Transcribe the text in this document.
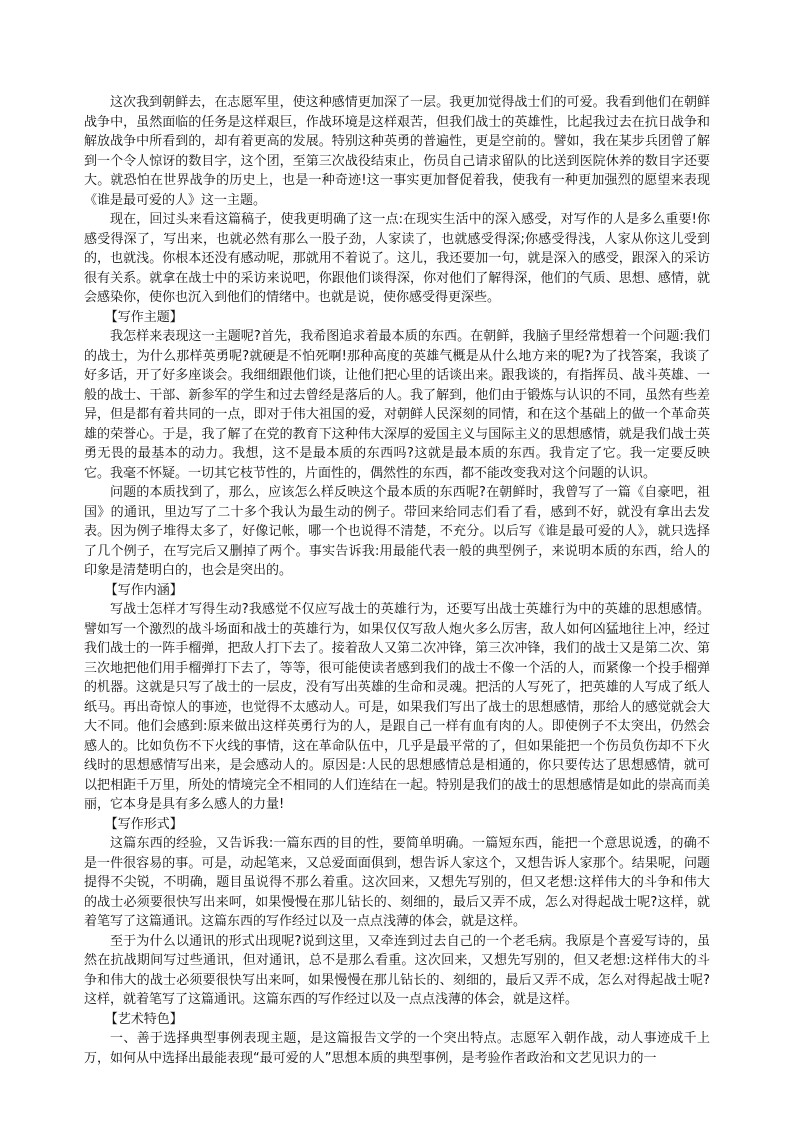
这次我到朝鲜去，在志愿军里，使这种感情更加深了一层。我更加觉得战士们的可爱。我看到他们在朝鲜战争中，虽然面临的任务是这样艰巨，作战环境是这样艰苦，但我们战士的英雄性，比起我过去在抗日战争和解放战争中所看到的，却有着更高的发展。特别这种英勇的普遍性，更是空前的。譬如，我在某步兵团曾了解到一个令人惊讶的数目字，这个团，至第三次战役结束止，伤员自己请求留队的比送到医院休养的数目字还要大。就恐怕在世界战争的历史上，也是一种奇迹!这一事实更加督促着我，使我有一种更加强烈的愿望来表现《谁是最可爱的人》这一主题。

现在，回过头来看这篇稿子，使我更明确了这一点:在现实生活中的深入感受，对写作的人是多么重要!你感受得深了，写出来，也就必然有那么一股子劲，人家读了，也就感受得深;你感受得浅，人家从你这儿受到的，也就浅。你根本还没有感动呢，那就用不着说了。这儿，我还要加一句，就是深入的感受，跟深入的采访很有关系。就拿在战士中的采访来说吧，你跟他们谈得深，你对他们了解得深，他们的气质、思想、感情，就会感染你，使你也沉入到他们的情绪中。也就是说，使你感受得更深些。

【写作主题】

我怎样来表现这一主题呢?首先，我希图追求着最本质的东西。在朝鲜，我脑子里经常想着一个问题:我们的战士，为什么那样英勇呢?就硬是不怕死啊!那种高度的英雄气概是从什么地方来的呢?为了找答案，我谈了好多话，开了好多座谈会。我细细跟他们谈，让他们把心里的话谈出来。跟我谈的，有指挥员、战斗英雄、一般的战士、干部、新参军的学生和过去曾经是落后的人。我了解到，他们由于锻炼与认识的不同，虽然有些差异，但是都有着共同的一点，即对于伟大祖国的爱，对朝鲜人民深刻的同情，和在这个基础上的做一个革命英雄的荣誉心。于是，我了解了在党的教育下这种伟大深厚的爱国主义与国际主义的思想感情，就是我们战士英勇无畏的最基本的动力。我想，这不是最本质的东西吗?这就是最本质的东西。我肯定了它。我一定要反映它。我毫不怀疑。一切其它枝节性的，片面性的，偶然性的东西，都不能改变我对这个问题的认识。

问题的本质找到了，那么，应该怎么样反映这个最本质的东西呢?在朝鲜时，我曾写了一篇《自豪吧，祖国》的通讯，里边写了二十多个我认为最生动的例子。带回来给同志们看了看，感到不好，就没有拿出去发表。因为例子堆得太多了，好像记帐，哪一个也说得不清楚，不充分。以后写《谁是最可爱的人》，就只选择了几个例子，在写完后又删掉了两个。事实告诉我:用最能代表一般的典型例子，来说明本质的东西，给人的印象是清楚明白的，也会是突出的。

【写作内涵】

写战士怎样才写得生动?我感觉不仅应写战士的英雄行为，还要写出战士英雄行为中的英雄的思想感情。譬如写一个激烈的战斗场面和战士的英雄行为，如果仅仅写敌人炮火多么厉害，敌人如何凶猛地往上冲，经过我们战士的一阵手榴弹，把敌人打下去了。接着敌人又第二次冲锋，第三次冲锋，我们的战士又是第二次、第三次地把他们用手榴弹打下去了，等等，很可能使读者感到我们的战士不像一个活的人，而紧像一个投手榴弹的机器。这就是只写了战士的一层皮，没有写出英雄的生命和灵魂。把活的人写死了，把英雄的人写成了纸人纸马。再出奇惊人的事迹，也觉得不太感动人。可是，如果我们写出了战士的思想感情，那给人的感觉就会大大不同。他们会感到:原来做出这样英勇行为的人，是跟自己一样有血有肉的人。即使例子不太突出，仍然会感人的。比如负伤不下火线的事情，这在革命队伍中，几乎是最平常的了，但如果能把一个伤员负伤却不下火线时的思想感情写出来，是会感动人的。原因是:人民的思想感情总是相通的，你只要传达了思想感情，就可以把相距千万里，所处的情境完全不相同的人们连结在一起。特别是我们的战士的思想感情是如此的崇高而美丽，它本身是具有多么感人的力量!

【写作形式】

这篇东西的经验，又告诉我:一篇东西的目的性，要简单明确。一篇短东西，能把一个意思说透，的确不是一件很容易的事。可是，动起笔来，又总爱面面俱到，想告诉人家这个，又想告诉人家那个。结果呢，问题提得不尖锐，不明确，题目虽说得不那么着重。这次回来，又想先写别的，但又老想:这样伟大的斗争和伟大的战士必须要很快写出来呵，如果慢慢在那儿钻长的、刻细的，最后又弄不成，怎么对得起战士呢?这样，就着笔写了这篇通讯。这篇东西的写作经过以及一点点浅薄的体会，就是这样。

至于为什么以通讯的形式出现呢?说到这里，又牵连到过去自己的一个老毛病。我原是个喜爱写诗的，虽然在抗战期间写过些通讯，但对通讯，总不是那么看重。这次回来，又想先写别的，但又老想:这样伟大的斗争和伟大的战士必须要很快写出来呵，如果慢慢在那儿钻长的、刻细的，最后又弄不成，怎么对得起战士呢?这样，就着笔写了这篇通讯。这篇东西的写作经过以及一点点浅薄的体会，就是这样。

【艺术特色】

一、善于选择典型事例表现主题，是这篇报告文学的一个突出特点。志愿军入朝作战，动人事迹成千上万，如何从中选择出最能表现“最可爱的人”思想本质的典型事例，是考验作者政治和文艺见识力的一
